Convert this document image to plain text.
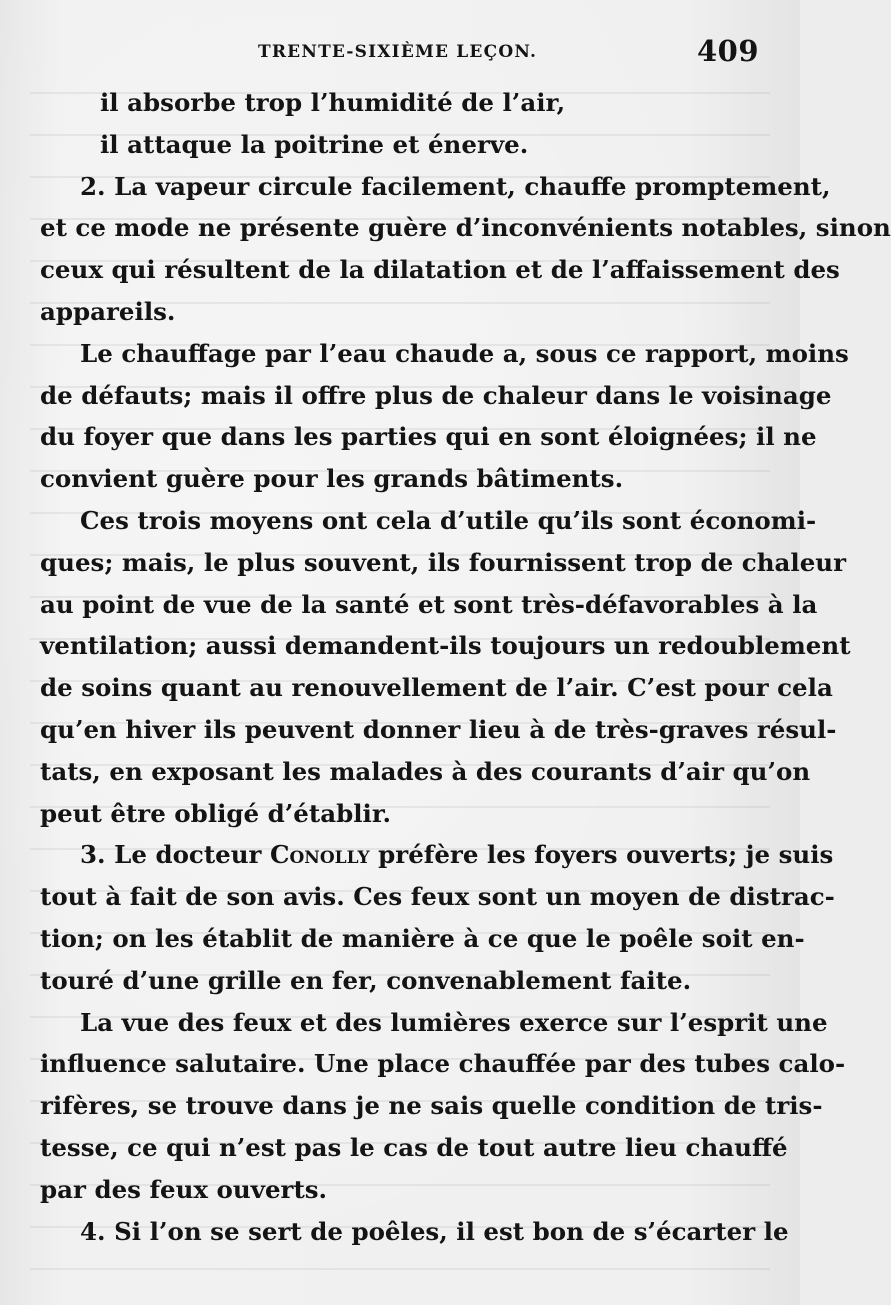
TRENTE-SIXIÈME LEÇON.	409
il absorbe trop l’humidité de l’air,
il attaque la poitrine et énerve.
2. La vapeur circule facilement, chauffe promptement,
et ce mode ne présente guère d’inconvénients notables, sinon
ceux qui résultent de la dilatation et de l’affaissement des
appareils.
Le chauffage par l’eau chaude a, sous ce rapport, moins
de défauts; mais il offre plus de chaleur dans le voisinage
du foyer que dans les parties qui en sont éloignées; il ne
convient guère pour les grands bâtiments.
Ces trois moyens ont cela d’utile qu’ils sont économi-
ques; mais, le plus souvent, ils fournissent trop de chaleur
au point de vue de la santé et sont très-défavorables à la
ventilation; aussi demandent-ils toujours un redoublement
de soins quant au renouvellement de l’air. C’est pour cela
qu’en hiver ils peuvent donner lieu à de très-graves résul-
tats, en exposant les malades à des courants d’air qu’on
peut être obligé d’établir.
3. Le docteur Conolly préfère les foyers ouverts; je suis
tout à fait de son avis. Ces feux sont un moyen de distrac-
tion; on les établit de manière à ce que le poêle soit en-
touré d’une grille en fer, convenablement faite.
La vue des feux et des lumières exerce sur l’esprit une
influence salutaire. Une place chauffée par des tubes calo-
rifères, se trouve dans je ne sais quelle condition de tris-
tesse, ce qui n’est pas le cas de tout autre lieu chauffé
par des feux ouverts.
4. Si l’on se sert de poêles, il est bon de s’écarter le
